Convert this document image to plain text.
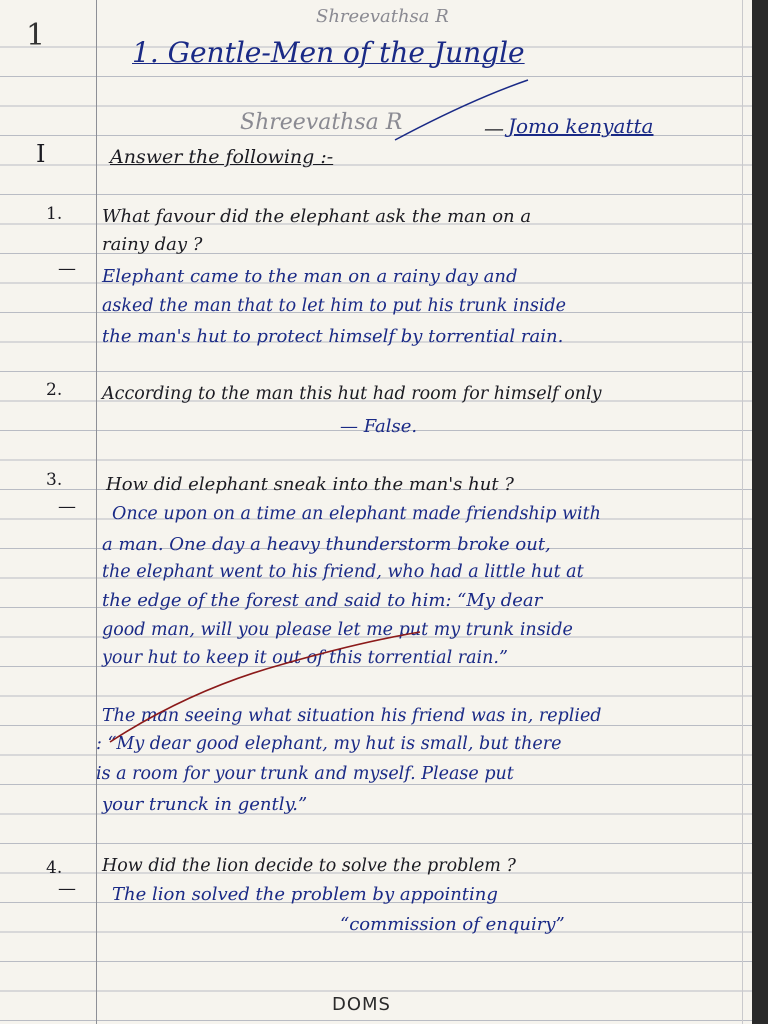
1
Shreevathsa R
1. Gentle-Men of the Jungle
Shreevathsa R	— Jomo kenyatta
I	Answer the following :-
1. What favour did the elephant ask the man on a
rainy day ?
— Elephant came to the man on a rainy day and
asked the man that to let him to put his trunk inside
the man's hut to protect himself by torrential rain.
2. According to the man this hut had room for himself only
— False.
3. How did elephant sneak into the man's hut ?
— Once upon on a time an elephant made friendship with
a man. One day a heavy thunderstorm broke out,
the elephant went to his friend, who had a little hut at
the edge of the forest and said to him: “My dear
good man, will you please let me put my trunk inside
your hut to keep it out of this torrential rain.”
The man seeing what situation his friend was in, replied
: “My dear good elephant, my hut is small, but there
is a room for your trunk and myself. Please put
your trunck in gently.”
4. How did the lion decide to solve the problem ?
— The lion solved the problem by appointing
“commission of enquiry”
DOMS
